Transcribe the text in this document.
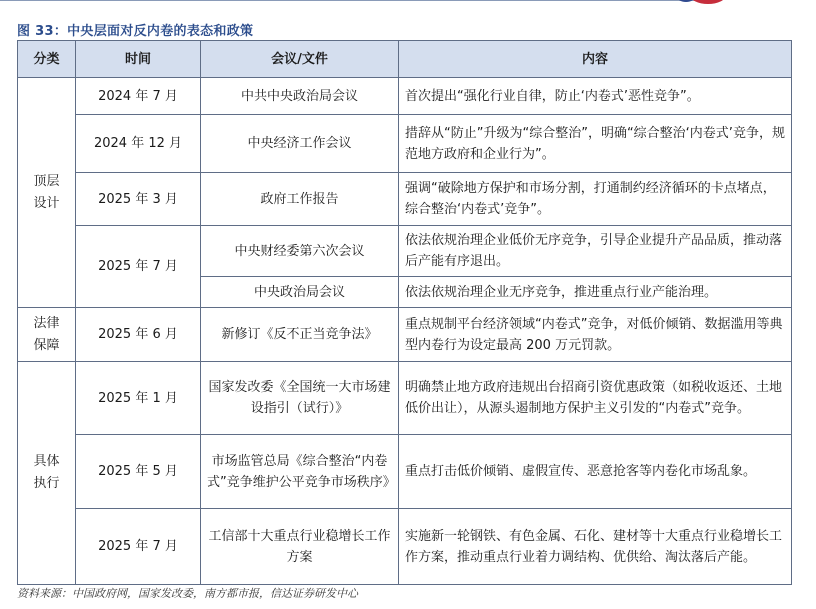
图 33：中央层面对反内卷的表态和政策
分类	时间	会议/文件	内容
顶层设计	2024 年 7 月	中共中央政治局会议	首次提出“强化行业自律，防止‘内卷式’恶性竞争”。
	2024 年 12 月	中央经济工作会议	措辞从“防止”升级为“综合整治”，明确“综合整治‘内卷式’竞争，规范地方政府和企业行为”。
	2025 年 3 月	政府工作报告	强调“破除地方保护和市场分割，打通制约经济循环的卡点堵点，综合整治‘内卷式’竞争”。
	2025 年 7 月	中央财经委第六次会议	依法依规治理企业低价无序竞争，引导企业提升产品品质，推动落后产能有序退出。
		中央政治局会议	依法依规治理企业无序竞争，推进重点行业产能治理。
法律保障	2025 年 6 月	新修订《反不正当竞争法》	重点规制平台经济领域“内卷式”竞争，对低价倾销、数据滥用等典型内卷行为设定最高 200 万元罚款。
具体执行	2025 年 1 月	国家发改委《全国统一大市场建设指引（试行）》	明确禁止地方政府违规出台招商引资优惠政策（如税收返还、土地低价出让），从源头遏制地方保护主义引发的“内卷式”竞争。
	2025 年 5 月	市场监管总局《综合整治“内卷式”竞争维护公平竞争市场秩序》	重点打击低价倾销、虚假宣传、恶意抢客等内卷化市场乱象。
	2025 年 7 月	工信部十大重点行业稳增长工作方案	实施新一轮钢铁、有色金属、石化、建材等十大重点行业稳增长工作方案，推动重点行业着力调结构、优供给、淘汰落后产能。
资料来源：中国政府网，国家发改委，南方都市报，信达证券研发中心
